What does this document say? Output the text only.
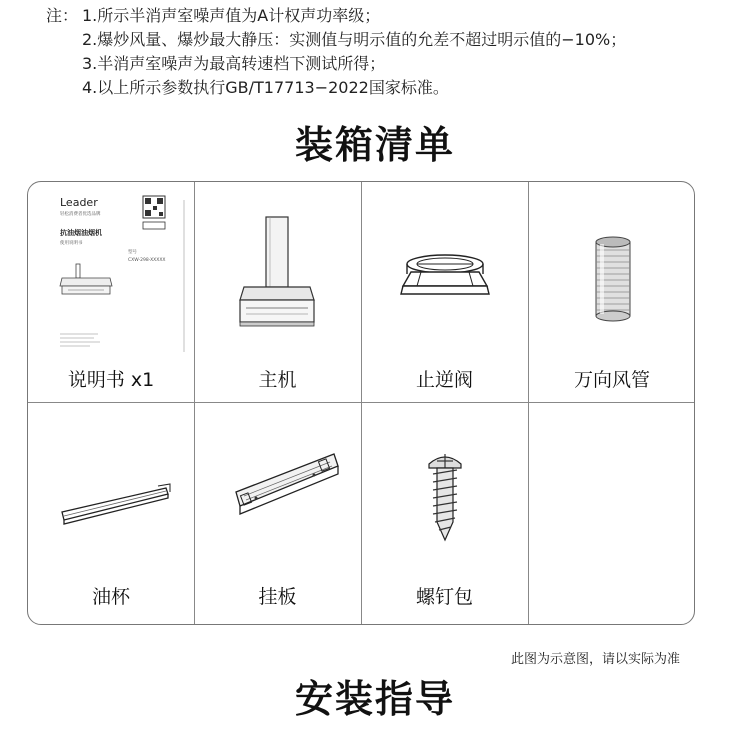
注： 1.所示半消声室噪声值为A计权声功率级；
2.爆炒风量、爆炒最大静压：实测值与明示值的允差不超过明示值的−10%；
3.半消声室噪声为最高转速档下测试所得；
4.以上所示参数执行GB/T17713−2022国家标准。
装箱清单
Leader
轻松消费者优选品牌
抗油烟油烟机
使用说明书
型号
CXW-298-XXXXX
说明书 x1	主机	止逆阀	万向风管
油杯	挂板	螺钉包
此图为示意图，请以实际为准
安装指导
